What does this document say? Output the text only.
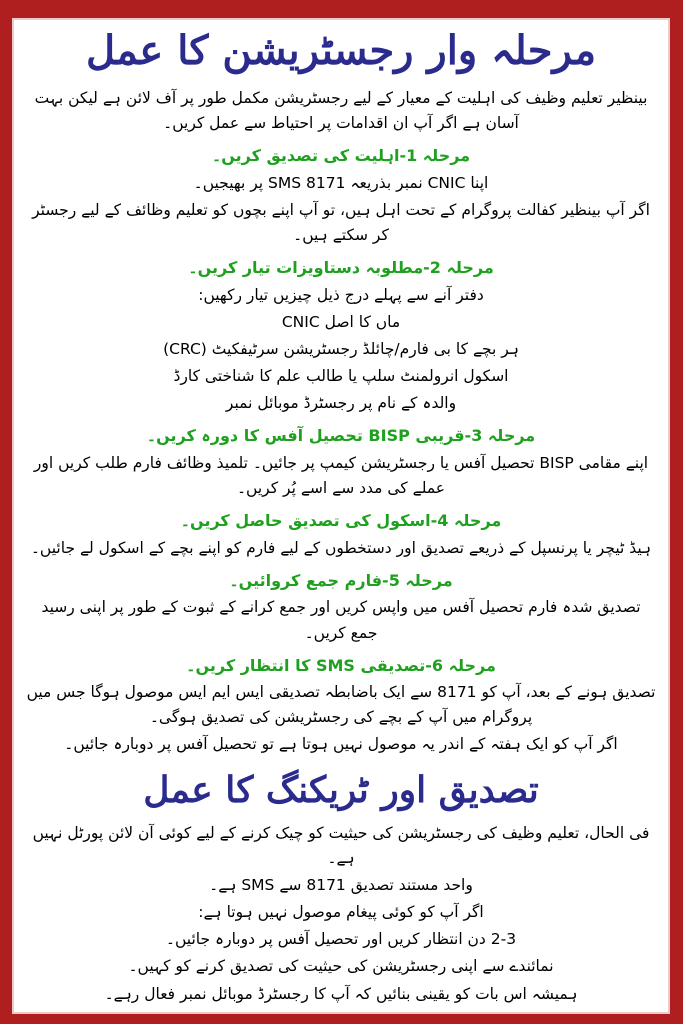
مرحلہ وار رجسٹریشن کا عمل

بینظیر تعلیم وظیف کی اہلیت کے معیار کے لیے رجسٹریشن مکمل طور پر آف لائن ہے لیکن بہت آسان ہے اگر آپ ان اقدامات پر احتیاط سے عمل کریں۔

مرحلہ 1-اہلیت کی تصدیق کریں۔

اپنا CNIC نمبر بذریعہ SMS 8171 پر بھیجیں۔

اگر آپ بینظیر کفالت پروگرام کے تحت اہل ہیں، تو آپ اپنے بچوں کو تعلیم وظائف کے لیے رجسٹر کر سکتے ہیں۔

مرحلہ 2-مطلوبہ دستاویزات تیار کریں۔

دفتر آنے سے پہلے درج ذیل چیزیں تیار رکھیں:

ماں کا اصل CNIC

ہر بچے کا بی فارم/چائلڈ رجسٹریشن سرٹیفکیٹ (CRC)

اسکول انرولمنٹ سلپ یا طالب علم کا شناختی کارڈ

والدہ کے نام پر رجسٹرڈ موبائل نمبر

مرحلہ 3-قریبی BISP تحصیل آفس کا دورہ کریں۔

اپنے مقامی BISP تحصیل آفس یا رجسٹریشن کیمپ پر جائیں۔ تلمیذ وظائف فارم طلب کریں اور عملے کی مدد سے اسے پُر کریں۔

مرحلہ 4-اسکول کی تصدیق حاصل کریں۔

ہیڈ ٹیچر یا پرنسپل کے ذریعے تصدیق اور دستخطوں کے لیے فارم کو اپنے بچے کے اسکول لے جائیں۔

مرحلہ 5-فارم جمع کروائیں۔

تصدیق شدہ فارم تحصیل آفس میں واپس کریں اور جمع کرانے کے ثبوت کے طور پر اپنی رسید جمع کریں۔

مرحلہ 6-تصدیقی SMS کا انتظار کریں۔

تصدیق ہونے کے بعد، آپ کو 8171 سے ایک باضابطہ تصدیقی ایس ایم ایس موصول ہوگا جس میں پروگرام میں آپ کے بچے کی رجسٹریشن کی تصدیق ہوگی۔

اگر آپ کو ایک ہفتہ کے اندر یہ موصول نہیں ہوتا ہے تو تحصیل آفس پر دوبارہ جائیں۔

تصدیق اور ٹریکنگ کا عمل

فی الحال، تعلیم وظیف کی رجسٹریشن کی حیثیت کو چیک کرنے کے لیے کوئی آن لائن پورٹل نہیں ہے۔

واحد مستند تصدیق 8171 سے SMS ہے۔

اگر آپ کو کوئی پیغام موصول نہیں ہوتا ہے:

2-3 دن انتظار کریں اور تحصیل آفس پر دوبارہ جائیں۔

نمائندے سے اپنی رجسٹریشن کی حیثیت کی تصدیق کرنے کو کہیں۔

ہمیشہ اس بات کو یقینی بنائیں کہ آپ کا رجسٹرڈ موبائل نمبر فعال رہے۔
